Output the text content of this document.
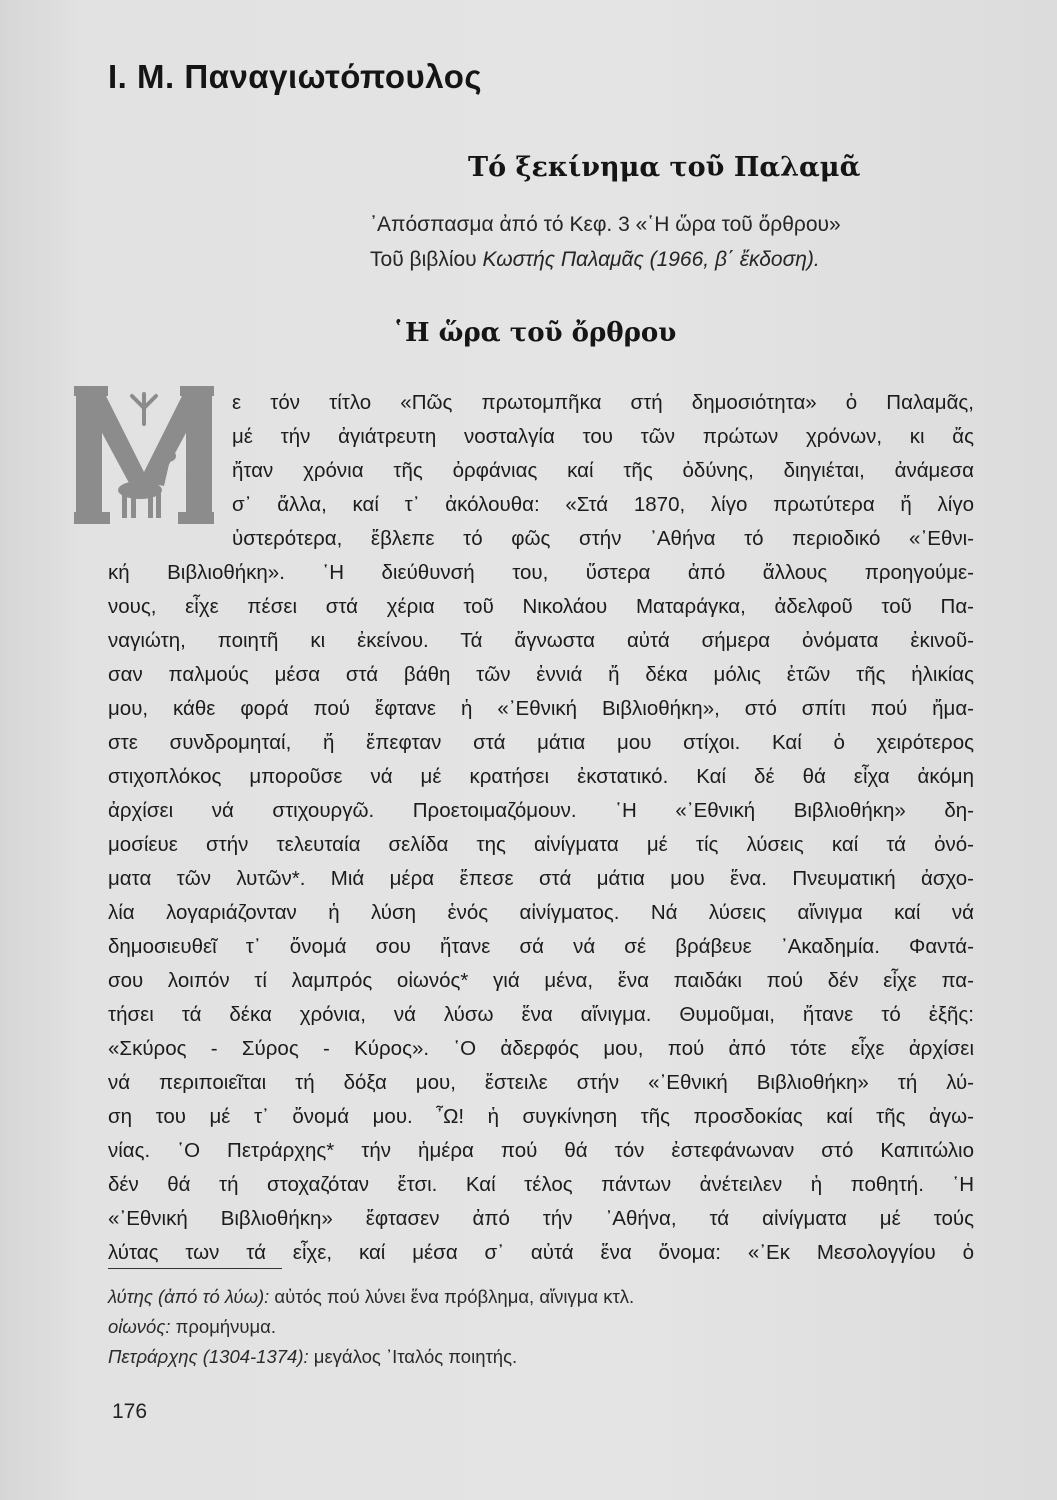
Ι. Μ. Παναγιωτόπουλος
Τό ξεκίνημα τοῦ Παλαμᾶ
᾽Απόσπασμα ἀπό τό Κεφ. 3 «῾Η ὥρα τοῦ ὄρθρου»
Τοῦ βιβλίου Κωστής Παλαμᾶς (1966, β΄ ἔκδοση).
῾Η ὥρα τοῦ ὄρθρου
ε τόν τίτλο «Πῶς πρωτομπῆκα στή δημοσιότητα» ὁ Παλαμᾶς,
μέ τήν ἀγιάτρευτη νοσταλγία του τῶν πρώτων χρόνων, κι ἄς
ἤταν χρόνια τῆς ὀρφάνιας καί τῆς ὀδύνης, διηγιέται, ἀνάμεσα
σ᾽ ἄλλα, καί τ᾽ ἀκόλουθα: «Στά 1870, λίγο πρωτύτερα ἤ λίγο
ὑστερότερα, ἔβλεπε τό φῶς στήν ᾽Αθήνα τό περιοδικό «᾽Εθνι-
κή Βιβλιοθήκη». ῾Η διεύθυνσή του, ὕστερα ἀπό ἄλλους προηγούμε-
νους, εἶχε πέσει στά χέρια τοῦ Νικολάου Ματαράγκα, ἀδελφοῦ τοῦ Πα-
ναγιώτη, ποιητῆ κι ἐκείνου. Τά ἄγνωστα αὐτά σήμερα ὀνόματα ἐκινοῦ-
σαν παλμούς μέσα στά βάθη τῶν ἐννιά ἤ δέκα μόλις ἐτῶν τῆς ἡλικίας
μου, κάθε φορά πού ἔφτανε ἡ «᾽Εθνική Βιβλιοθήκη», στό σπίτι πού ἤμα-
στε συνδρομηταί, ἤ ἔπεφταν στά μάτια μου στίχοι. Καί ὁ χειρότερος
στιχοπλόκος μποροῦσε νά μέ κρατήσει ἐκστατικό. Καί δέ θά εἶχα ἀκόμη
ἀρχίσει νά στιχουργῶ. Προετοιμαζόμουν. ῾Η «᾽Εθνική Βιβλιοθήκη» δη-
μοσίευε στήν τελευταία σελίδα της αἰνίγματα μέ τίς λύσεις καί τά ὀνό-
ματα τῶν λυτῶν*. Μιά μέρα ἔπεσε στά μάτια μου ἕνα. Πνευματική ἀσχο-
λία λογαριάζονταν ἡ λύση ἑνός αἰνίγματος. Νά λύσεις αἴνιγμα καί νά
δημοσιευθεῖ τ᾽ ὄνομά σου ἤτανε σά νά σέ βράβευε ᾽Ακαδημία. Φαντά-
σου λοιπόν τί λαμπρός οἰωνός* γιά μένα, ἕνα παιδάκι πού δέν εἶχε πα-
τήσει τά δέκα χρόνια, νά λύσω ἕνα αἴνιγμα. Θυμοῦμαι, ἤτανε τό ἑξῆς:
«Σκύρος - Σύρος - Κύρος». ῾Ο ἀδερφός μου, πού ἀπό τότε εἶχε ἀρχίσει
νά περιποιεῖται τή δόξα μου, ἔστειλε στήν «᾽Εθνική Βιβλιοθήκη» τή λύ-
ση του μέ τ᾽ ὄνομά μου. ῏Ω! ἡ συγκίνηση τῆς προσδοκίας καί τῆς ἀγω-
νίας. ῾Ο Πετράρχης* τήν ἡμέρα πού θά τόν ἐστεφάνωναν στό Καπιτώλιο
δέν θά τή στοχαζόταν ἔτσι. Καί τέλος πάντων ἀνέτειλεν ἡ ποθητή. ῾Η
«᾽Εθνική Βιβλιοθήκη» ἔφτασεν ἀπό τήν ᾽Αθήνα, τά αἰνίγματα μέ τούς
λύτας των τά εἶχε, καί μέσα σ᾽ αὐτά ἕνα ὄνομα: «᾽Εκ Μεσολογγίου ὁ
λύτης (ἀπό τό λύω): αὐτός πού λύνει ἕνα πρόβλημα, αἴνιγμα κτλ.
οἰωνός: προμήνυμα.
Πετράρχης (1304-1374): μεγάλος ᾽Ιταλός ποιητής.
176
